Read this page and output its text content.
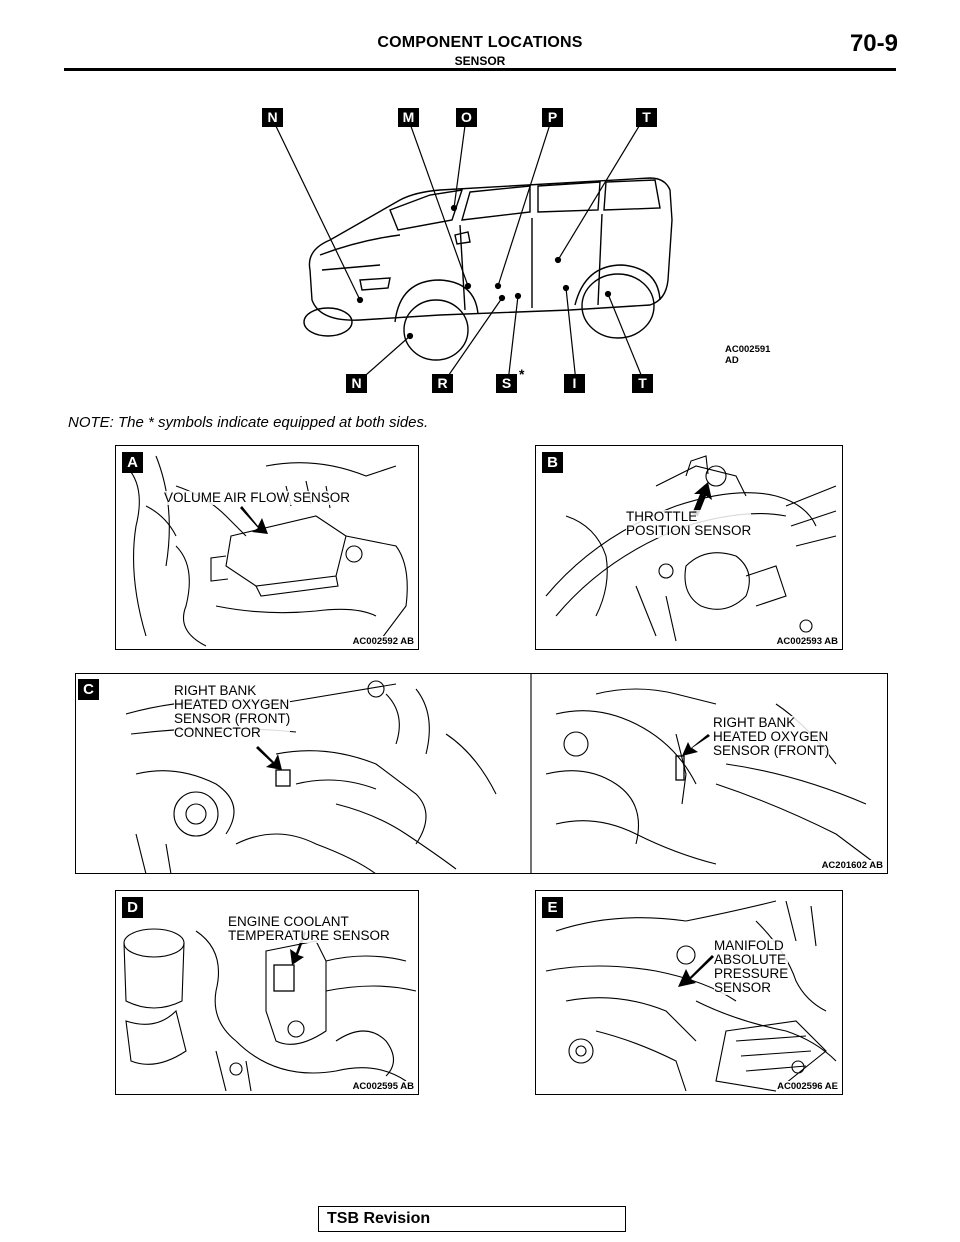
COMPONENT LOCATIONS
SENSOR
70-9
N	M	O	P	T
N	R	S
*
I	T
AC002591 AD
NOTE: The * symbols indicate equipped at both sides.
A
VOLUME AIR FLOW SENSOR
AC002592 AB
B
THROTTLE
POSITION SENSOR
AC002593 AB
C	RIGHT BANK
HEATED OXYGEN
SENSOR (FRONT)
CONNECTOR
RIGHT BANK
HEATED OXYGEN
SENSOR (FRONT)
AC201602 AB
D
ENGINE COOLANT
TEMPERATURE SENSOR
AC002595 AB
E
MANIFOLD
ABSOLUTE
PRESSURE
SENSOR
AC002596 AE
TSB Revision
